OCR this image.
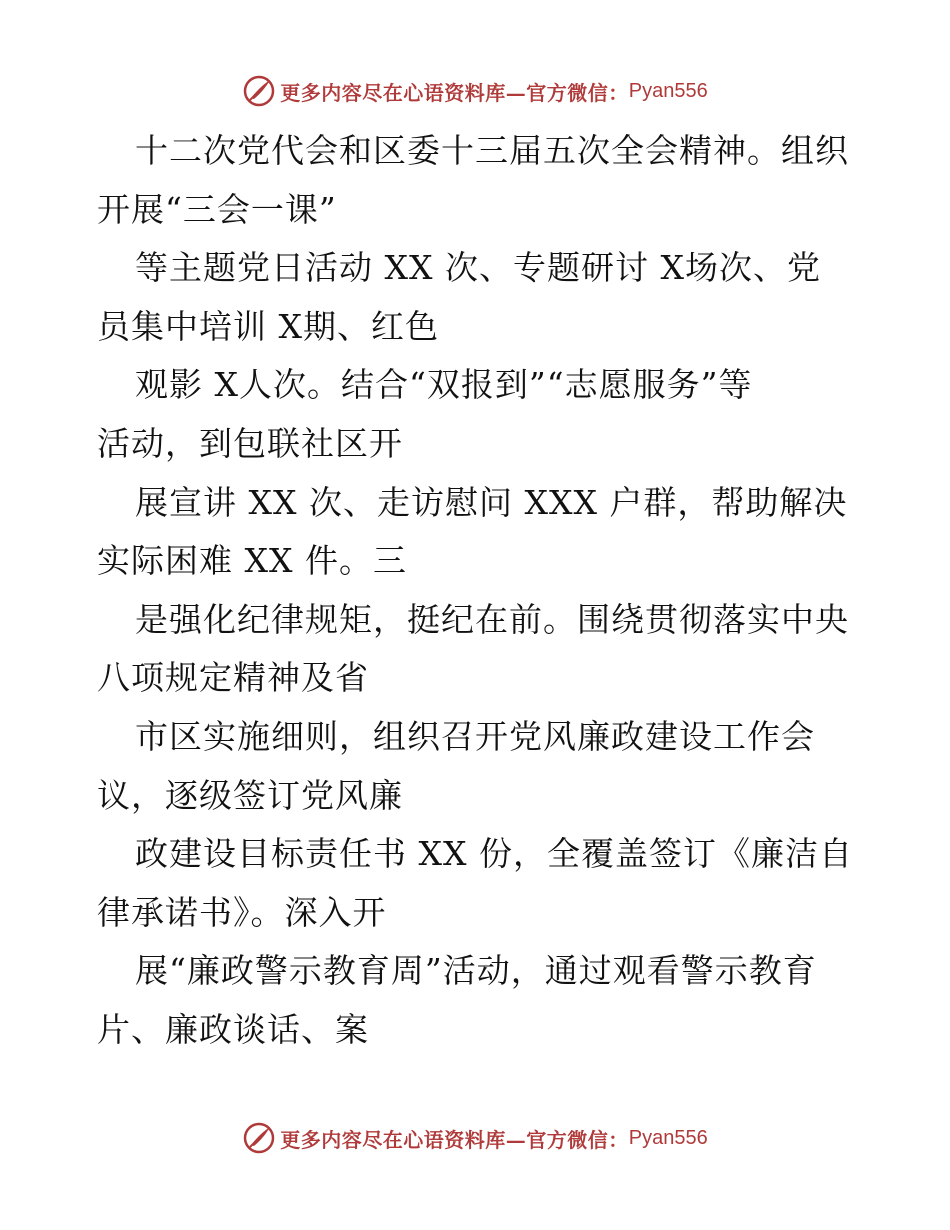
更多内容尽在心语资料库—官方微信： Pyan556
十二次党代会和区委十三届五次全会精神。组织
开展“三会一课”
等主题党日活动 XX 次、专题研讨 X场次、党
员集中培训 X期、红色
观影 X人次。结合“双报到”“志愿服务”等
活动，到包联社区开
展宣讲 XX 次、走访慰问 XXX 户群，帮助解决
实际困难 XX 件。三
是强化纪律规矩，挺纪在前。围绕贯彻落实中央
八项规定精神及省
市区实施细则，组织召开党风廉政建设工作会
议，逐级签订党风廉
政建设目标责任书 XX 份，全覆盖签订《廉洁自
律承诺书》。深入开
展“廉政警示教育周”活动，通过观看警示教育
片、廉政谈话、案
更多内容尽在心语资料库—官方微信： Pyan556
